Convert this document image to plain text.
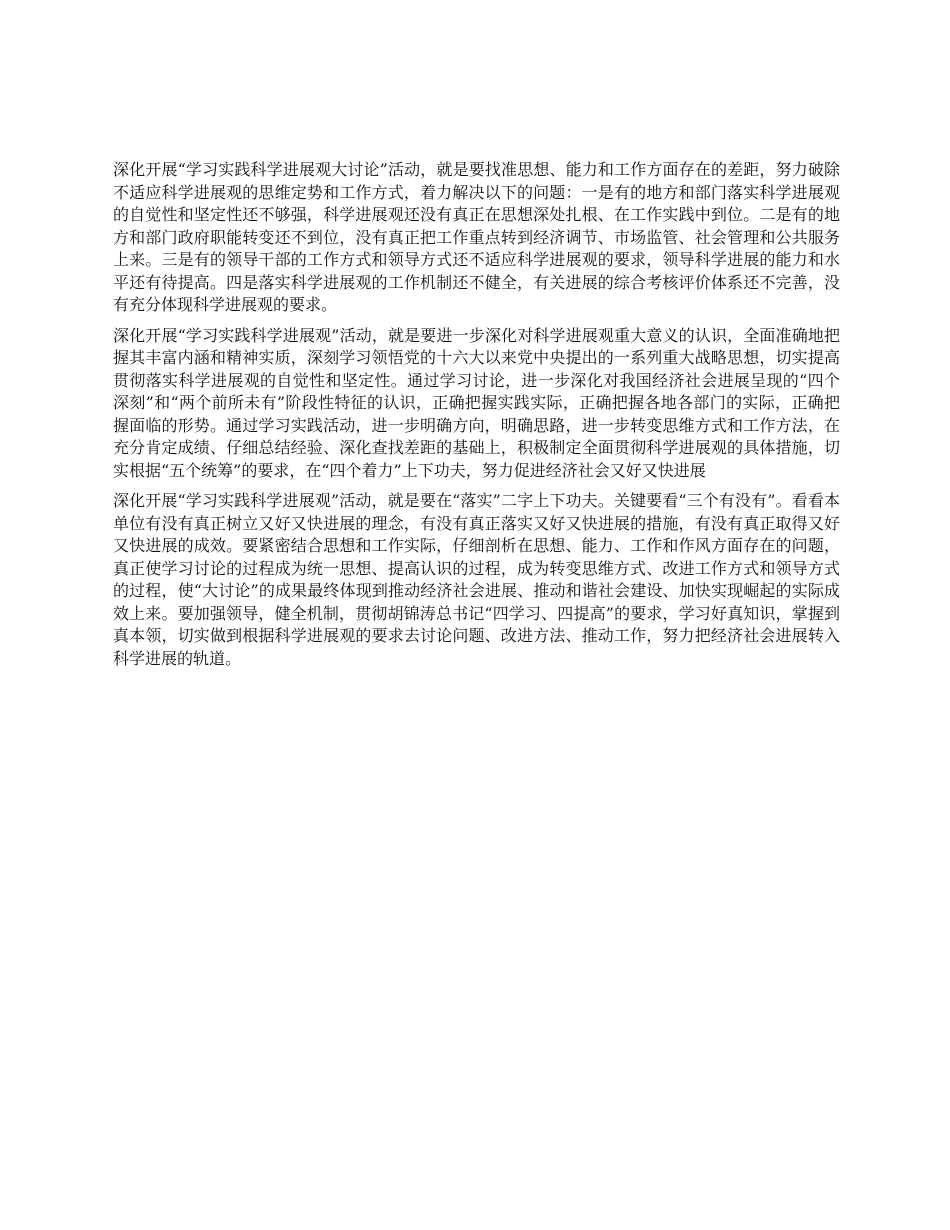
深化开展“学习实践科学进展观大讨论”活动，就是要找准思想、能力和工作方面存在的差距，努力破除不适应科学进展观的思维定势和工作方式，着力解决以下的问题：一是有的地方和部门落实科学进展观的自觉性和坚定性还不够强，科学进展观还没有真正在思想深处扎根、在工作实践中到位。二是有的地方和部门政府职能转变还不到位，没有真正把工作重点转到经济调节、市场监管、社会管理和公共服务上来。三是有的领导干部的工作方式和领导方式还不适应科学进展观的要求，领导科学进展的能力和水平还有待提高。四是落实科学进展观的工作机制还不健全，有关进展的综合考核评价体系还不完善，没有充分体现科学进展观的要求。

深化开展“学习实践科学进展观”活动，就是要进一步深化对科学进展观重大意义的认识，全面准确地把握其丰富内涵和精神实质，深刻学习领悟党的十六大以来党中央提出的一系列重大战略思想，切实提高贯彻落实科学进展观的自觉性和坚定性。通过学习讨论，进一步深化对我国经济社会进展呈现的“四个深刻”和“两个前所未有”阶段性特征的认识，正确把握实践实际，正确把握各地各部门的实际，正确把握面临的形势。通过学习实践活动，进一步明确方向，明确思路，进一步转变思维方式和工作方法，在充分肯定成绩、仔细总结经验、深化查找差距的基础上，积极制定全面贯彻科学进展观的具体措施，切实根据“五个统筹”的要求，在“四个着力”上下功夫，努力促进经济社会又好又快进展

深化开展“学习实践科学进展观”活动，就是要在“落实”二字上下功夫。关键要看“三个有没有”。看看本单位有没有真正树立又好又快进展的理念，有没有真正落实又好又快进展的措施，有没有真正取得又好又快进展的成效。要紧密结合思想和工作实际，仔细剖析在思想、能力、工作和作风方面存在的问题，真正使学习讨论的过程成为统一思想、提高认识的过程，成为转变思维方式、改进工作方式和领导方式的过程，使“大讨论”的成果最终体现到推动经济社会进展、推动和谐社会建设、加快实现崛起的实际成效上来。要加强领导，健全机制，贯彻胡锦涛总书记“四学习、四提高”的要求，学习好真知识，掌握到真本领，切实做到根据科学进展观的要求去讨论问题、改进方法、推动工作，努力把经济社会进展转入科学进展的轨道。
